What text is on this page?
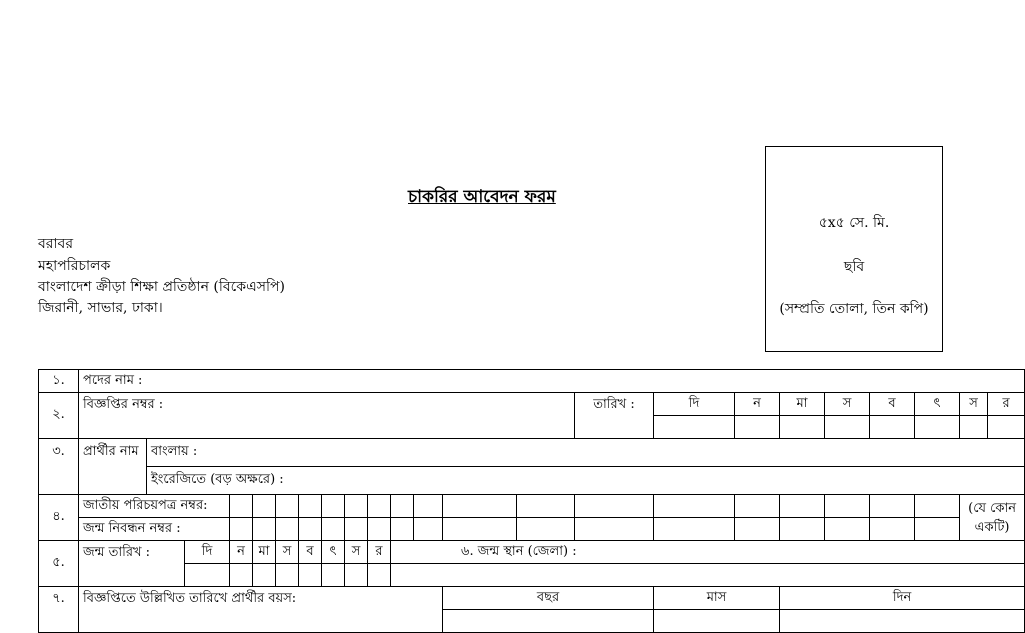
চাকরির আবেদন ফরম
বরাবর
মহাপরিচালক
বাংলাদেশ ক্রীড়া শিক্ষা প্রতিষ্ঠান (বিকেএসপি)
জিরানী, সাভার, ঢাকা।
৫x৫ সে. মি.
ছবি
(সম্প্রতি তোলা, তিন কপি)
১.	পদের নাম :																						
২.	বিজ্ঞপ্তির নম্বর :														তারিখ :	দি	ন	মা	স	ব	ৎ	স	র

৩.	প্রার্থীর নাম	বাংলায় :																					
		ইংরেজিতে (বড় অক্ষরে) :																					
৪.	জাতীয় পরিচয়পত্র নম্বর:																					(যে কোন একটি)	
	জন্ম নিবন্ধন নম্বর :																						
৫.	জন্ম তারিখ :		দি	ন	মা	স	ব	ৎ	স	র	৬. জন্ম স্থান (জেলা) :												

৭.	বিজ্ঞপ্তিতে উল্লিখিত তারিখে প্রার্থীর বয়স:												বছর			মাস		দিন					
